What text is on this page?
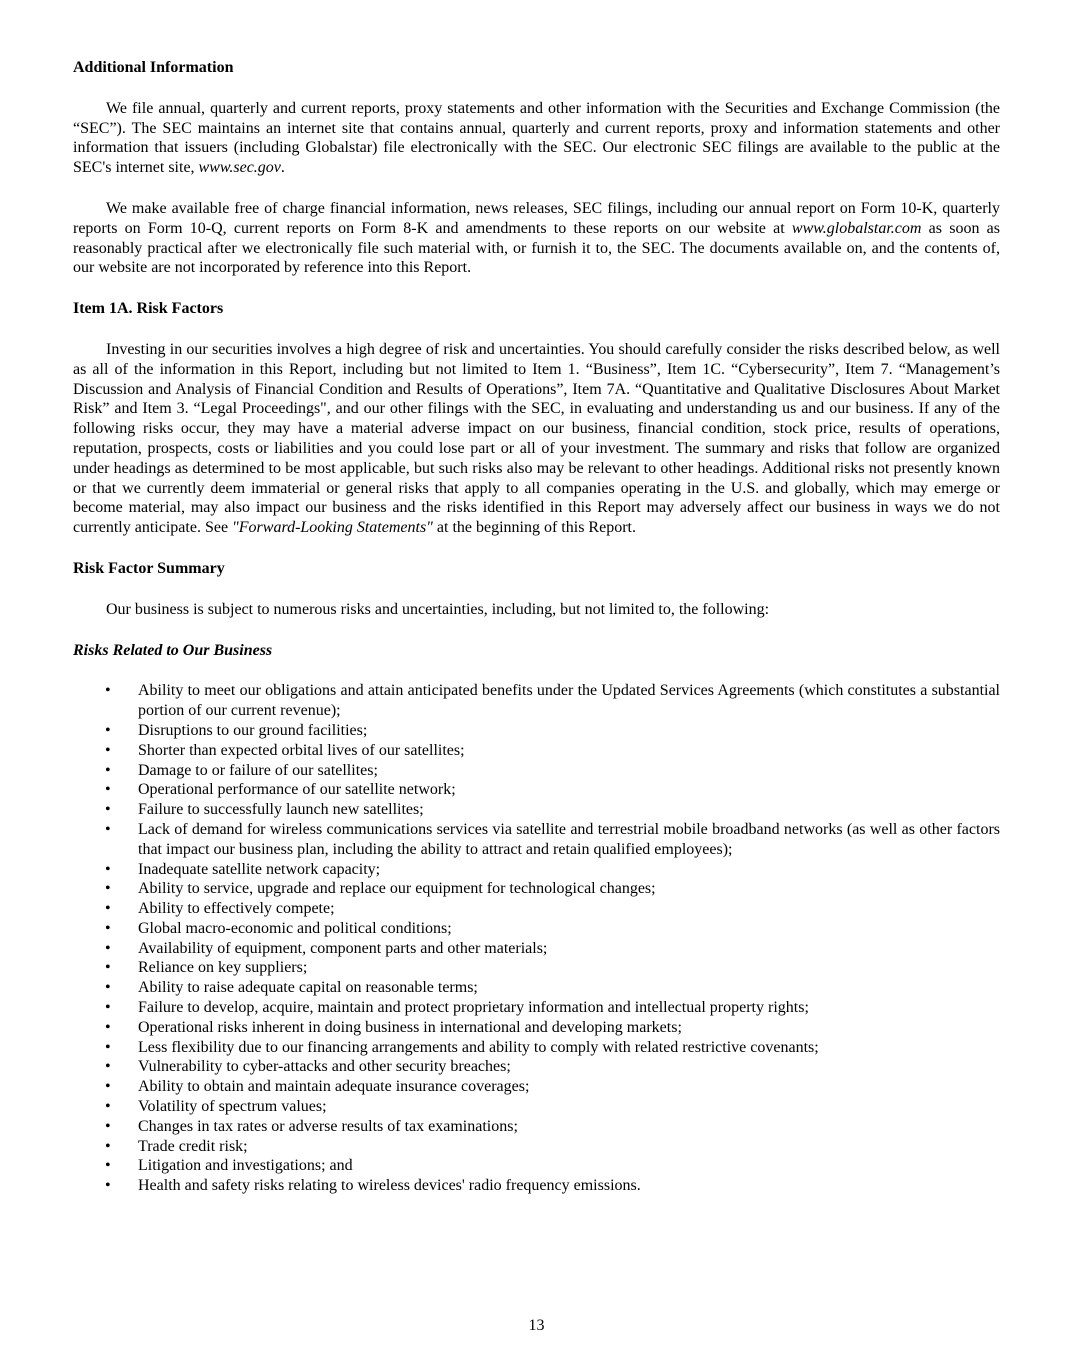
Additional Information

We file annual, quarterly and current reports, proxy statements and other information with the Securities and Exchange Commission (the “SEC”). The SEC maintains an internet site that contains annual, quarterly and current reports, proxy and information statements and other information that issuers (including Globalstar) file electronically with the SEC. Our electronic SEC filings are available to the public at the SEC's internet site, www.sec.gov.

We make available free of charge financial information, news releases, SEC filings, including our annual report on Form 10-K, quarterly reports on Form 10-Q, current reports on Form 8-K and amendments to these reports on our website at www.globalstar.com as soon as reasonably practical after we electronically file such material with, or furnish it to, the SEC. The documents available on, and the contents of, our website are not incorporated by reference into this Report.

Item 1A. Risk Factors

Investing in our securities involves a high degree of risk and uncertainties. You should carefully consider the risks described below, as well as all of the information in this Report, including but not limited to Item 1. “Business”, Item 1C. “Cybersecurity”, Item 7. “Management’s Discussion and Analysis of Financial Condition and Results of Operations”, Item 7A. “Quantitative and Qualitative Disclosures About Market Risk” and Item 3. “Legal Proceedings", and our other filings with the SEC, in evaluating and understanding us and our business. If any of the following risks occur, they may have a material adverse impact on our business, financial condition, stock price, results of operations, reputation, prospects, costs or liabilities and you could lose part or all of your investment. The summary and risks that follow are organized under headings as determined to be most applicable, but such risks also may be relevant to other headings. Additional risks not presently known or that we currently deem immaterial or general risks that apply to all companies operating in the U.S. and globally, which may emerge or become material, may also impact our business and the risks identified in this Report may adversely affect our business in ways we do not currently anticipate. See "Forward-Looking Statements" at the beginning of this Report.

Risk Factor Summary

Our business is subject to numerous risks and uncertainties, including, but not limited to, the following:

Risks Related to Our Business

• Ability to meet our obligations and attain anticipated benefits under the Updated Services Agreements (which constitutes a substantial portion of our current revenue);
• Disruptions to our ground facilities;
• Shorter than expected orbital lives of our satellites;
• Damage to or failure of our satellites;
• Operational performance of our satellite network;
• Failure to successfully launch new satellites;
• Lack of demand for wireless communications services via satellite and terrestrial mobile broadband networks (as well as other factors that impact our business plan, including the ability to attract and retain qualified employees);
• Inadequate satellite network capacity;
• Ability to service, upgrade and replace our equipment for technological changes;
• Ability to effectively compete;
• Global macro-economic and political conditions;
• Availability of equipment, component parts and other materials;
• Reliance on key suppliers;
• Ability to raise adequate capital on reasonable terms;
• Failure to develop, acquire, maintain and protect proprietary information and intellectual property rights;
• Operational risks inherent in doing business in international and developing markets;
• Less flexibility due to our financing arrangements and ability to comply with related restrictive covenants;
• Vulnerability to cyber-attacks and other security breaches;
• Ability to obtain and maintain adequate insurance coverages;
• Volatility of spectrum values;
• Changes in tax rates or adverse results of tax examinations;
• Trade credit risk;
• Litigation and investigations; and
• Health and safety risks relating to wireless devices' radio frequency emissions.
13
